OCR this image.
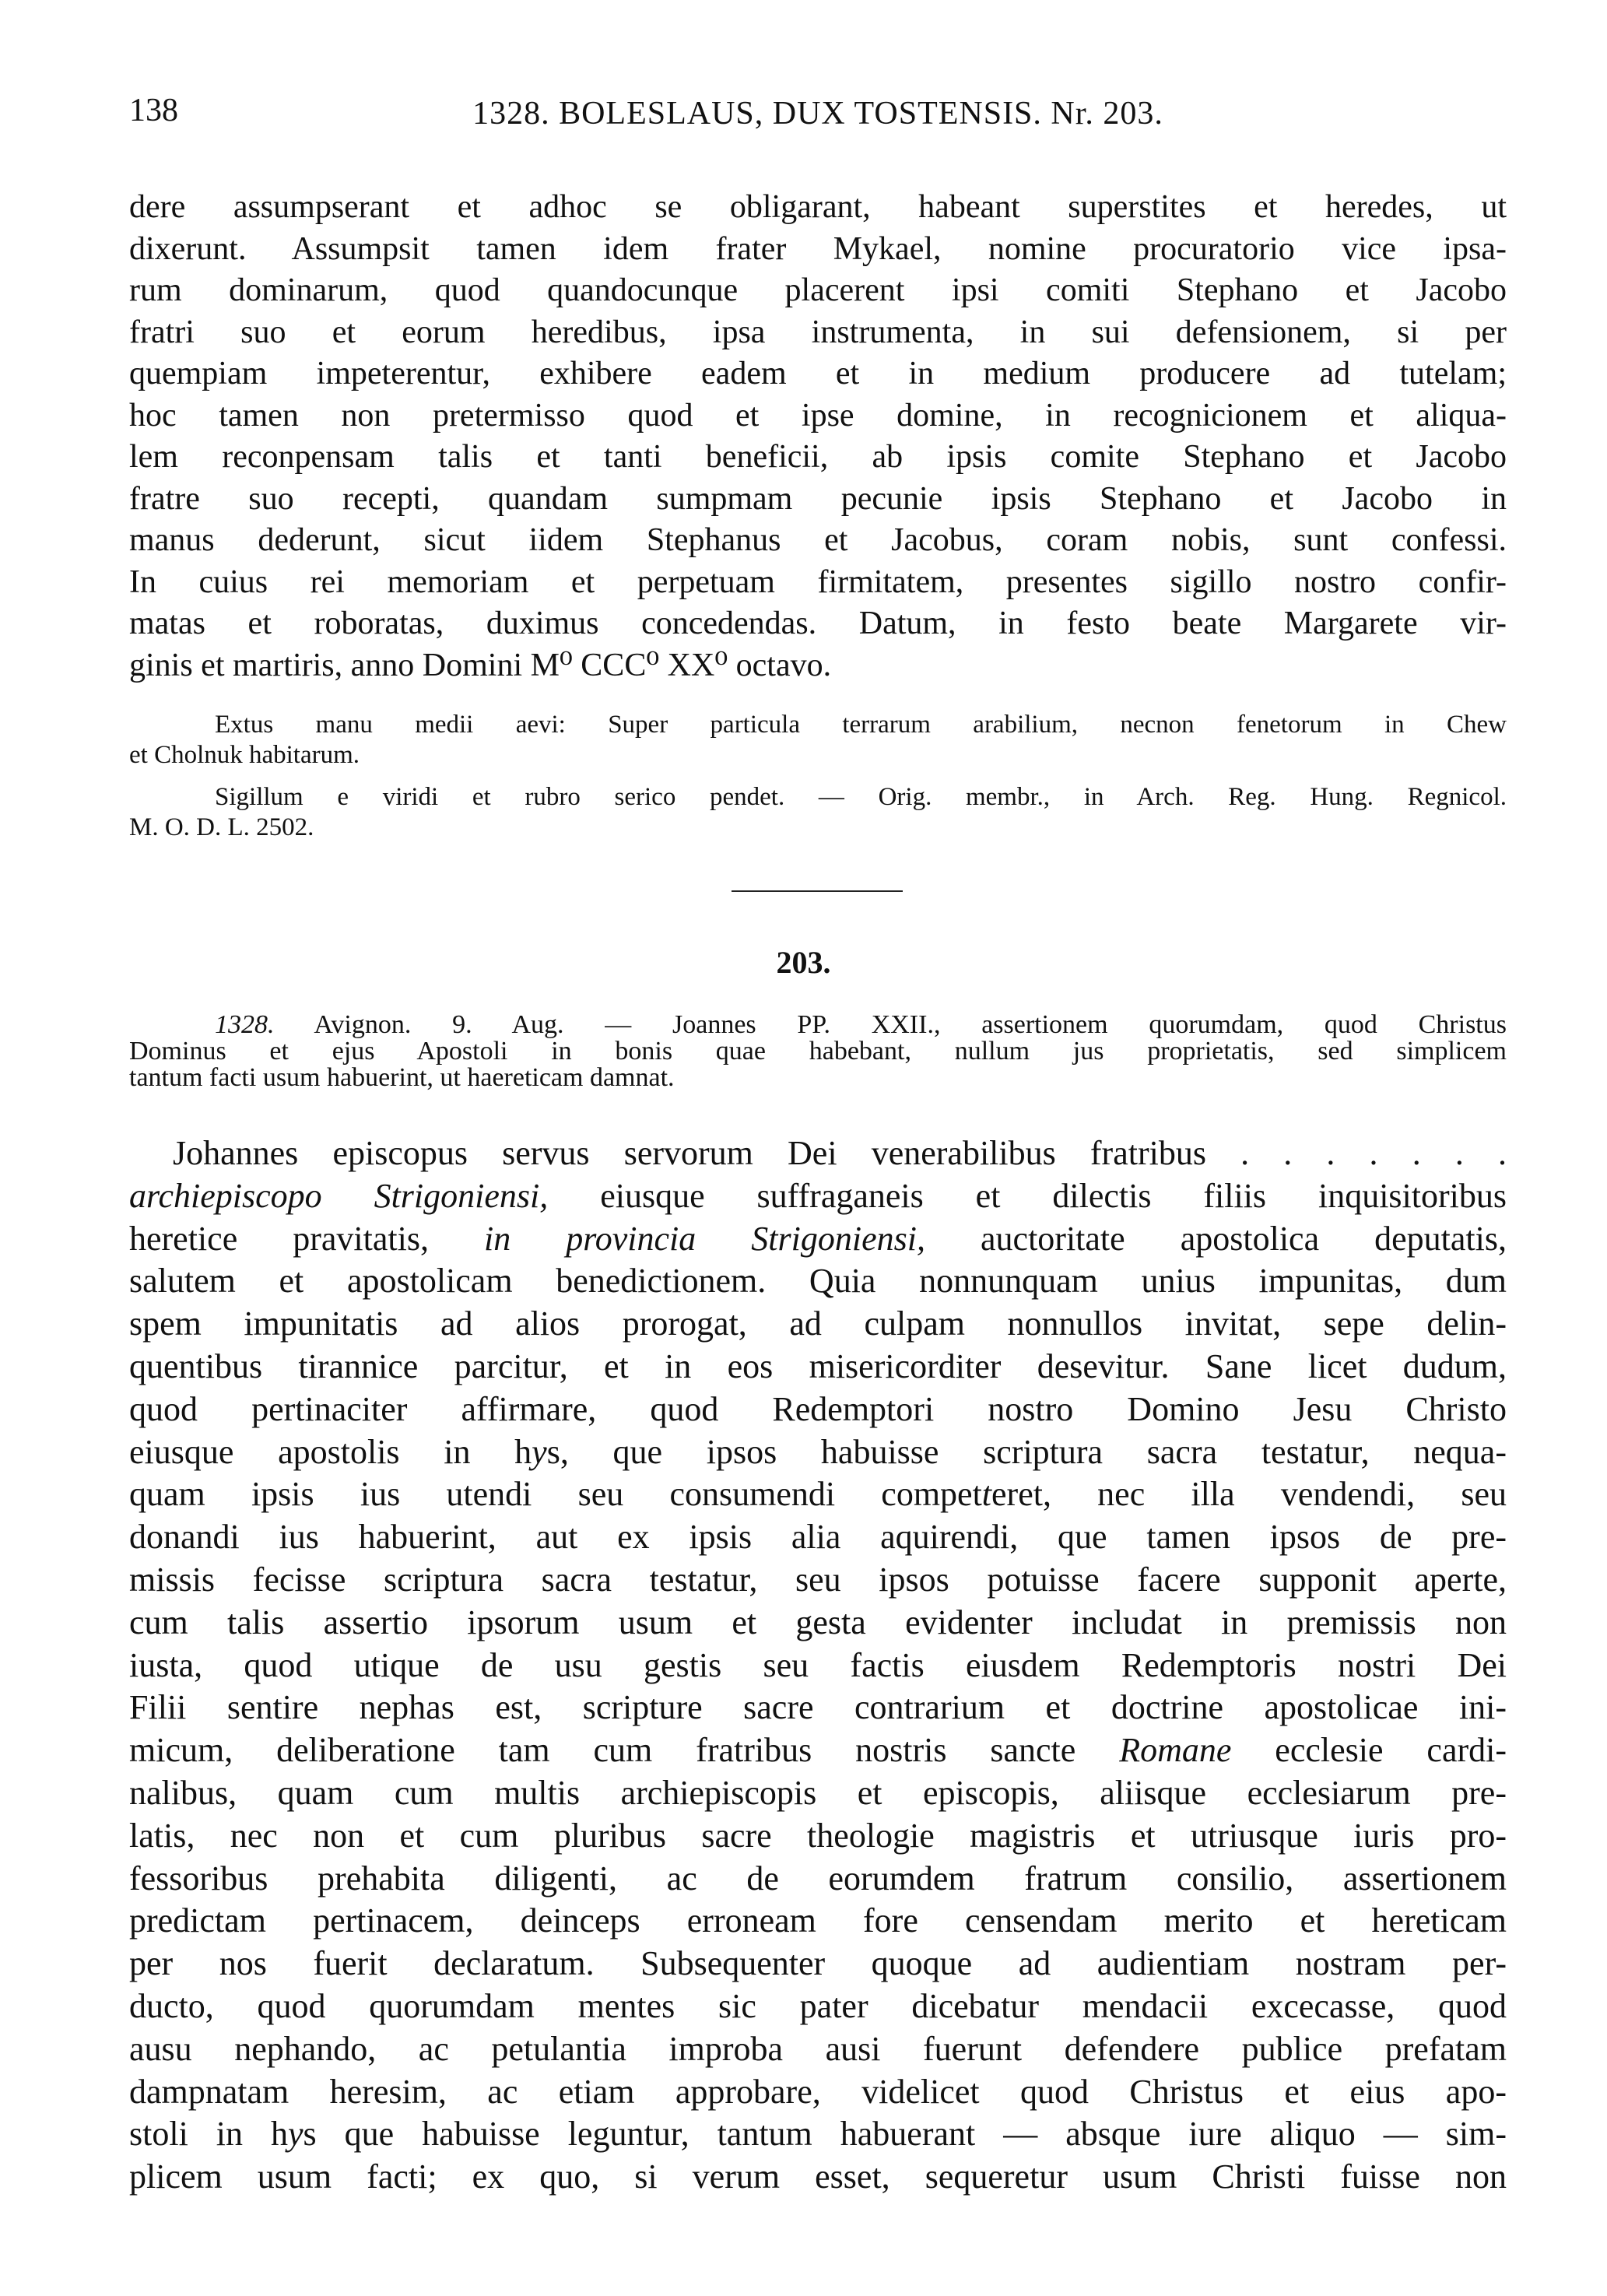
138	1328. BOLESLAUS, DUX TOSTENSIS. Nr. 203.
dere assumpserant et adhoc se obligarant, habeant superstites et heredes, ut
dixerunt. Assumpsit tamen idem frater Mykael, nomine procuratorio vice ipsa-
rum dominarum, quod quandocunque placerent ipsi comiti Stephano et Jacobo
fratri suo et eorum heredibus, ipsa instrumenta, in sui defensionem, si per
quempiam impeterentur, exhibere eadem et in medium producere ad tutelam;
hoc tamen non pretermisso quod et ipse domine, in recognicionem et aliqua-
lem reconpensam talis et tanti beneficii, ab ipsis comite Stephano et Jacobo
fratre suo recepti, quandam sumpmam pecunie ipsis Stephano et Jacobo in
manus dederunt, sicut iidem Stephanus et Jacobus, coram nobis, sunt confessi.
In cuius rei memoriam et perpetuam firmitatem, presentes sigillo nostro confir-
matas et roboratas, duximus concedendas. Datum, in festo beate Margarete vir-
ginis et martiris, anno Domini M⁰ CCC⁰ XX⁰ octavo.
Extus manu medii aevi: Super particula terrarum arabilium, necnon fenetorum in Chew
et Cholnuk habitarum.
Sigillum e viridi et rubro serico pendet. — Orig. membr., in Arch. Reg. Hung. Regnicol.
M. O. D. L. 2502.
203.
1328. Avignon. 9. Aug. — Joannes PP. XXII., assertionem quorumdam, quod Christus
Dominus et ejus Apostoli in bonis quae habebant, nullum jus proprietatis, sed simplicem
tantum facti usum habuerint, ut haereticam damnat.
Johannes episcopus servus servorum Dei venerabilibus fratribus . . . . . . .
archiepiscopo Strigoniensi, eiusque suffraganeis et dilectis filiis inquisitoribus
heretice pravitatis, in provincia Strigoniensi, auctoritate apostolica deputatis,
salutem et apostolicam benedictionem. Quia nonnunquam unius impunitas, dum
spem impunitatis ad alios prorogat, ad culpam nonnullos invitat, sepe delin-
quentibus tirannice parcitur, et in eos misericorditer desevitur. Sane licet dudum,
quod pertinaciter affirmare, quod Redemptori nostro Domino Jesu Christo
eiusque apostolis in hys, que ipsos habuisse scriptura sacra testatur, nequa-
quam ipsis ius utendi seu consumendi competteret, nec illa vendendi, seu
donandi ius habuerint, aut ex ipsis alia aquirendi, que tamen ipsos de pre-
missis fecisse scriptura sacra testatur, seu ipsos potuisse facere supponit aperte,
cum talis assertio ipsorum usum et gesta evidenter includat in premissis non
iusta, quod utique de usu gestis seu factis eiusdem Redemptoris nostri Dei
Filii sentire nephas est, scripture sacre contrarium et doctrine apostolicae ini-
micum, deliberatione tam cum fratribus nostris sancte Romane ecclesie cardi-
nalibus, quam cum multis archiepiscopis et episcopis, aliisque ecclesiarum pre-
latis, nec non et cum pluribus sacre theologie magistris et utriusque iuris pro-
fessoribus prehabita diligenti, ac de eorumdem fratrum consilio, assertionem
predictam pertinacem, deinceps erroneam fore censendam merito et hereticam
per nos fuerit declaratum. Subsequenter quoque ad audientiam nostram per-
ducto, quod quorumdam mentes sic pater dicebatur mendacii excecasse, quod
ausu nephando, ac petulantia improba ausi fuerunt defendere publice prefatam
dampnatam heresim, ac etiam approbare, videlicet quod Christus et eius apo-
stoli in hys que habuisse leguntur, tantum habuerant — absque iure aliquo — sim-
plicem usum facti; ex quo, si verum esset, sequeretur usum Christi fuisse non
